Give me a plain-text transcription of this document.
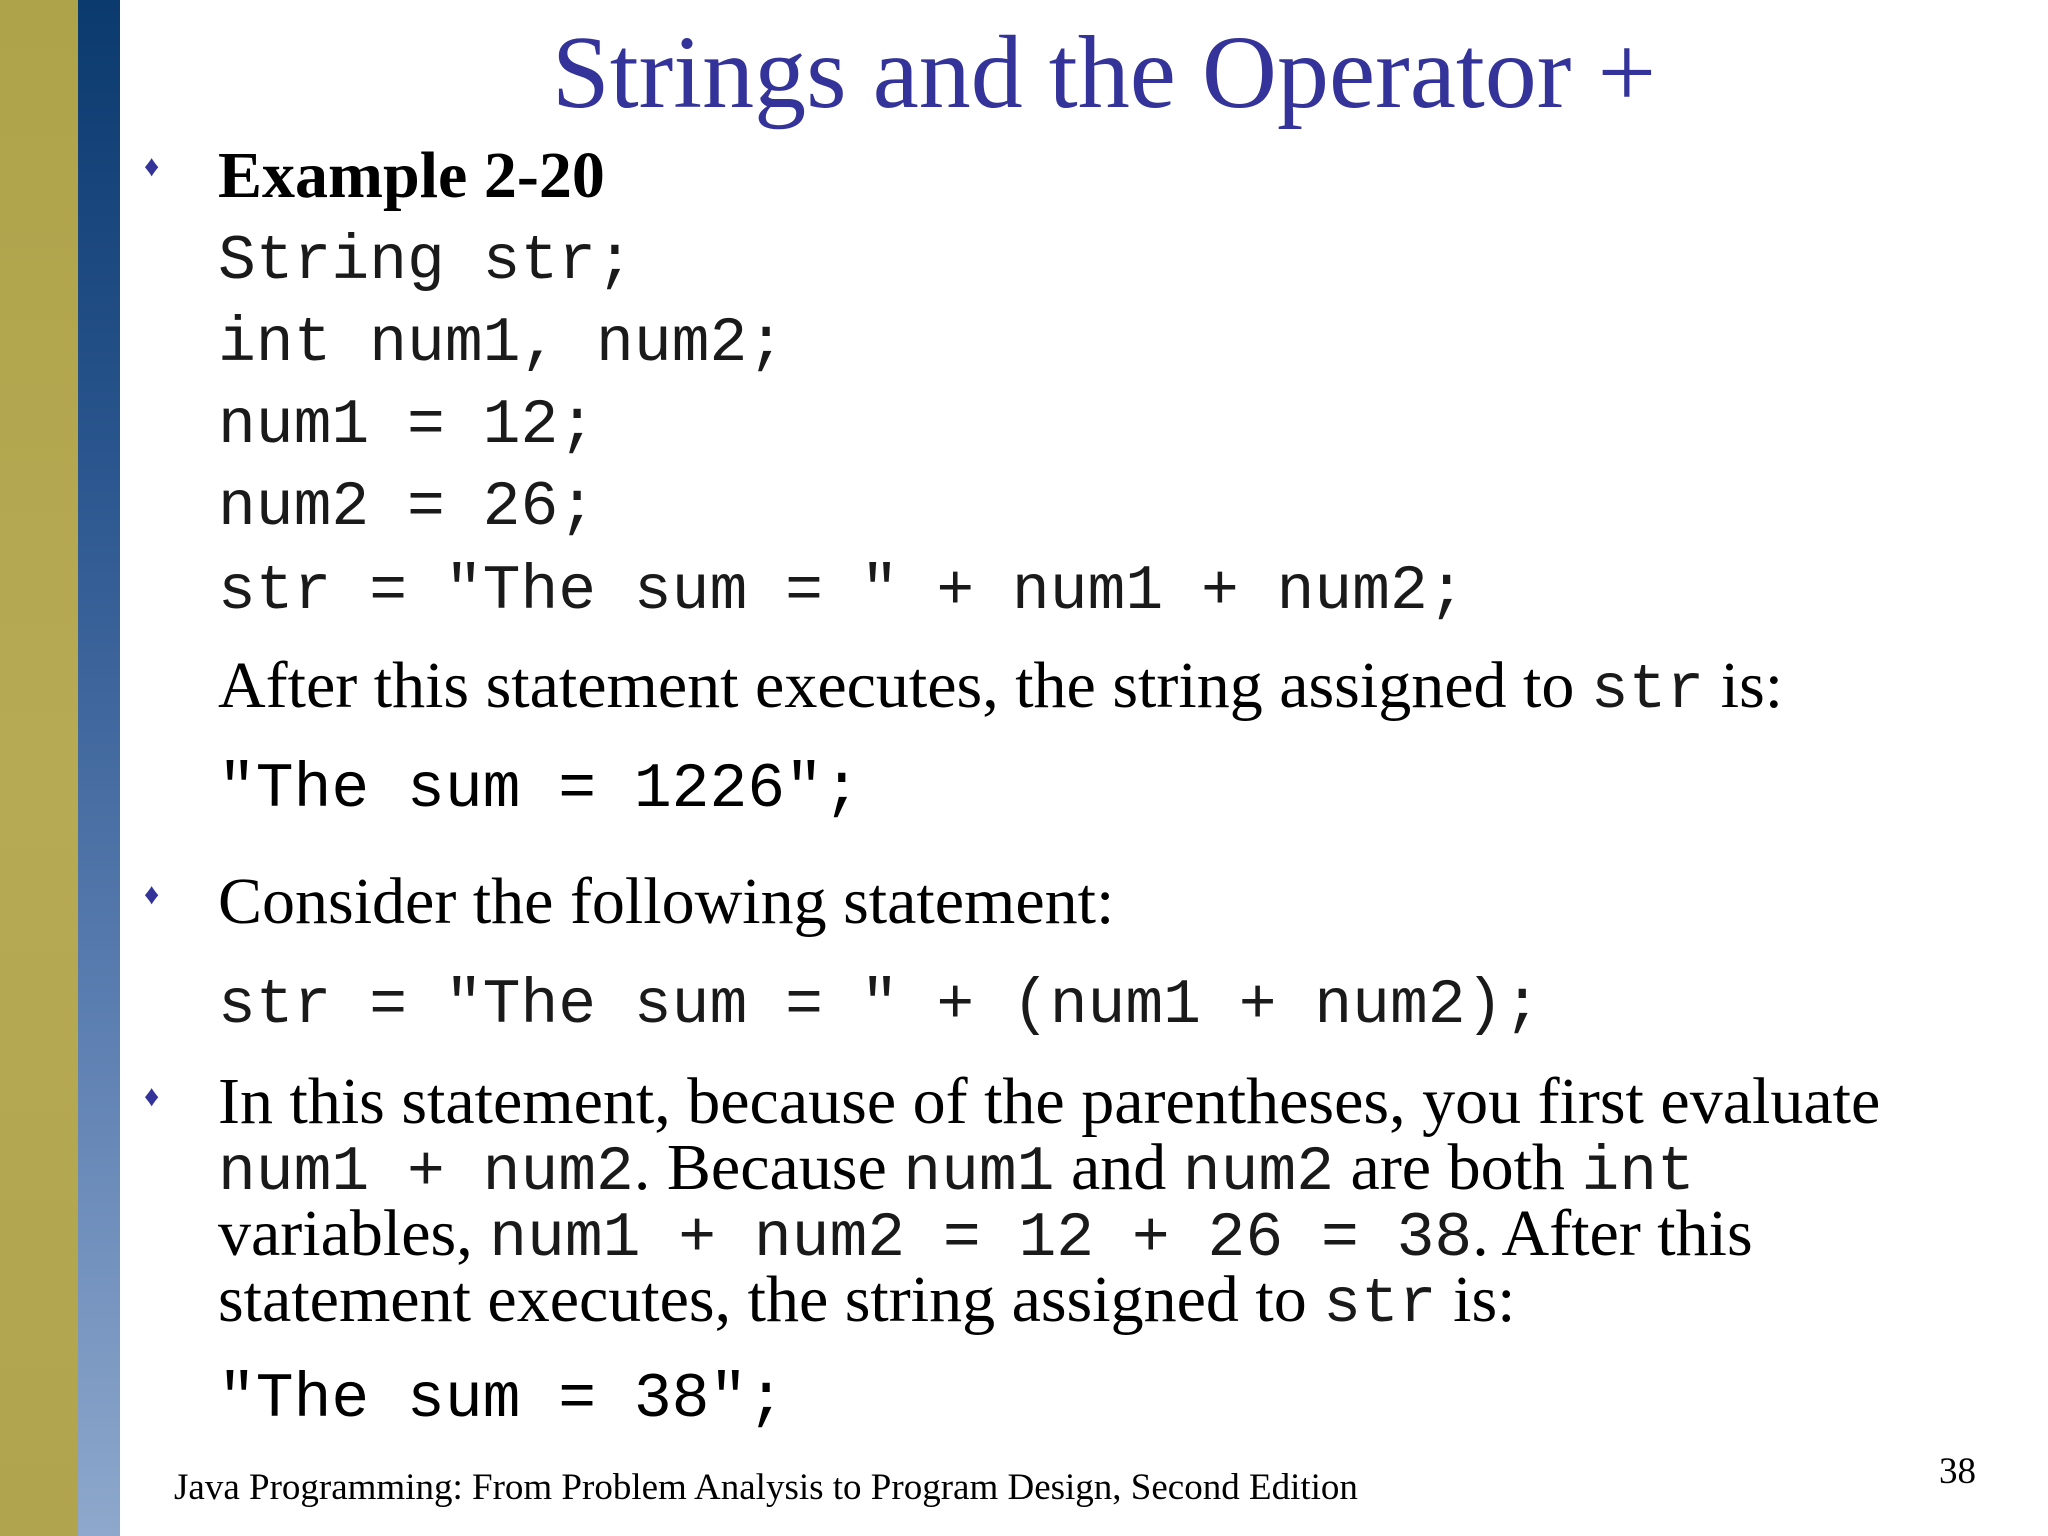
Strings and the Operator +
♦ Example 2-20
String str;
int num1, num2;
num1 = 12;
num2 = 26;
str = "The sum = " + num1 + num2;
After this statement executes, the string assigned to str is:
"The sum = 1226";
♦ Consider the following statement:
str = "The sum = " + (num1 + num2);
♦ In this statement, because of the parentheses, you first evaluate
num1 + num2. Because num1 and num2 are both int
variables, num1 + num2 = 12 + 26 = 38. After this
statement executes, the string assigned to str is:
"The sum = 38";
Java Programming: From Problem Analysis to Program Design, Second Edition	38
